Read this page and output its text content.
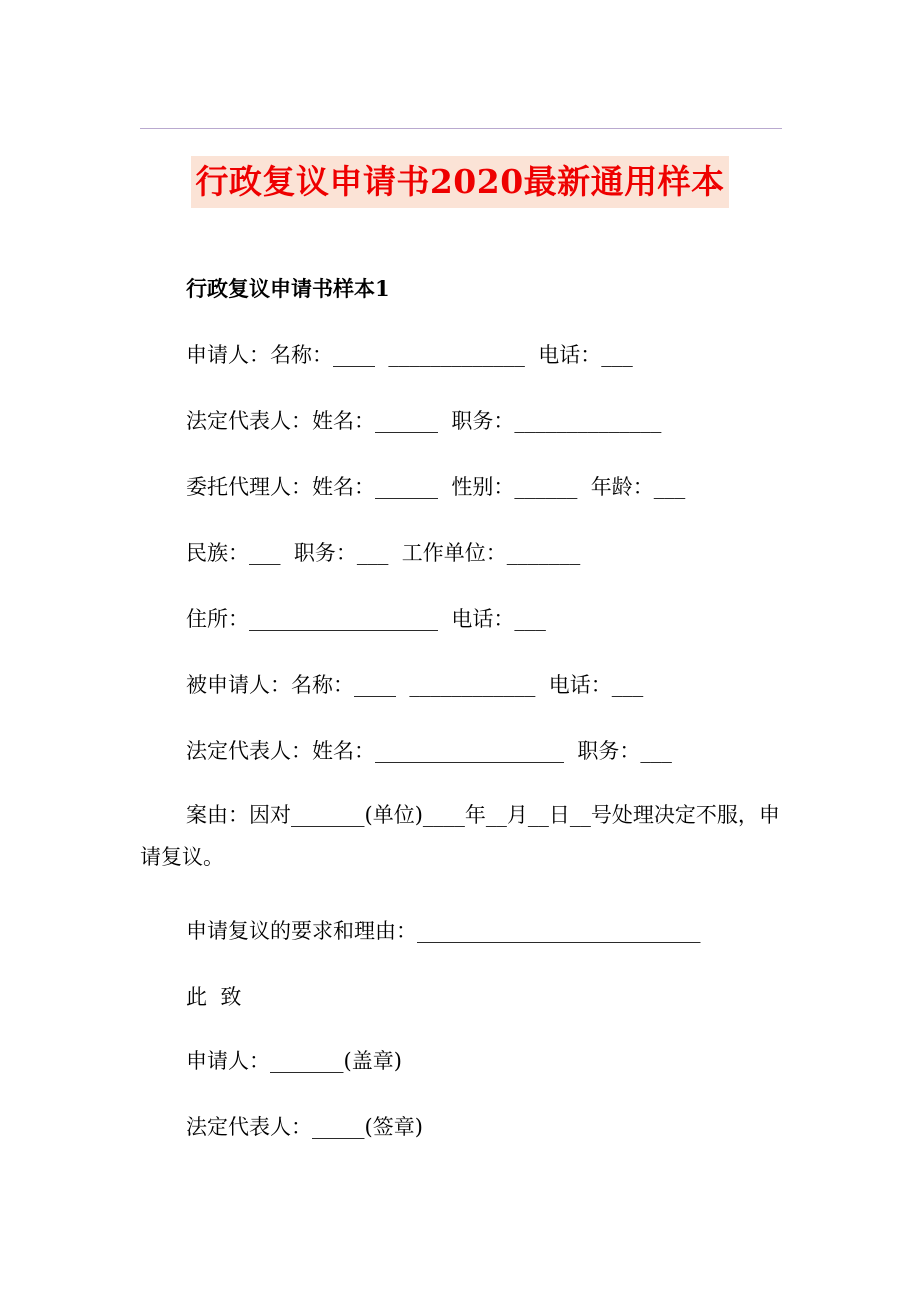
行政复议申请书2020最新通用样本
行政复议申请书样本1
申请人：名称：____  _____________  电话：___
法定代表人：姓名：______  职务：______________
委托代理人：姓名：______  性别：______  年龄：___
民族：___  职务：___  工作单位：_______
住所：__________________  电话：___
被申请人：名称：____  ____________  电话：___
法定代表人：姓名：__________________  职务：___
案由：因对_______(单位)____年__月__日__号处理决定不服，申请复议。
申请复议的要求和理由：___________________________
此  致
申请人：_______(盖章)
法定代表人：_____(签章)
